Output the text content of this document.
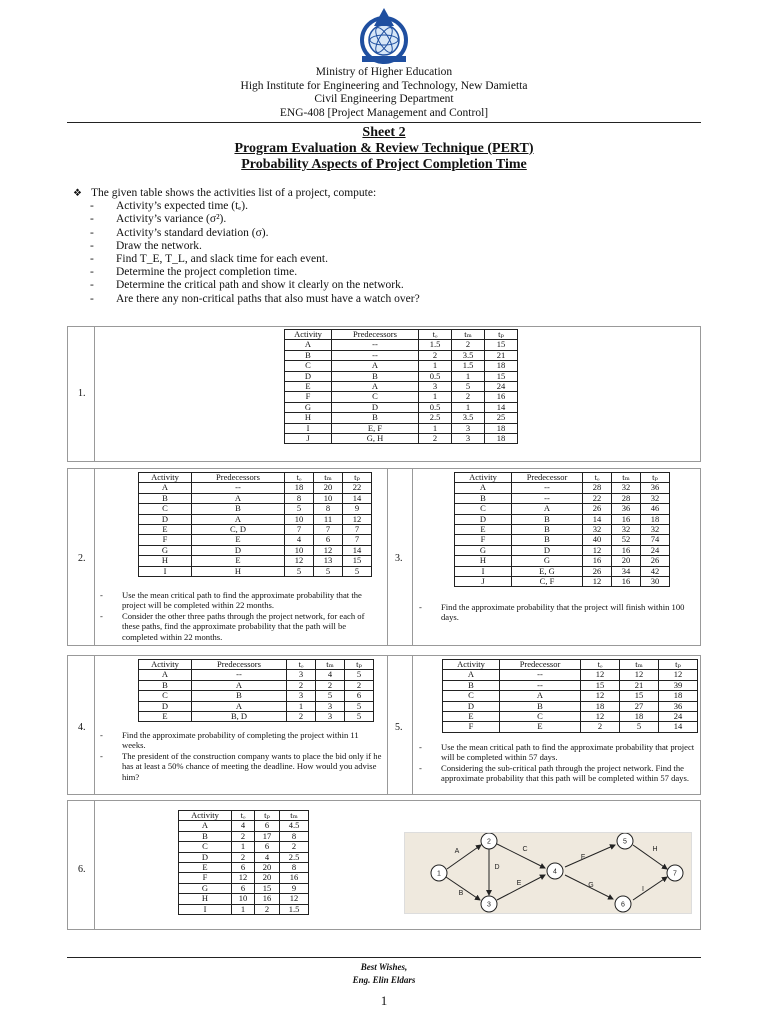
Ministry of Higher Education
High Institute for Engineering and Technology, New Damietta
Civil Engineering Department
ENG-408 [Project Management and Control]
Sheet 2
Program Evaluation & Review Technique (PERT)
Probability Aspects of Project Completion Time
❖ The given table shows the activities list of a project, compute:
- Activity’s expected time (tₑ).
- Activity’s variance (σ²).
- Activity’s standard deviation (σ).
- Draw the network.
- Find T_E, T_L, and slack time for each event.
- Determine the project completion time.
- Determine the critical path and show it clearly on the network.
- Are there any non-critical paths that also must have a watch over?
1.
2.	3.
4.	5.
6.
Activity	Predecessors	tₒ	tₘ	tₚ
A	--	1.5	2	15
B	--	2	3.5	21
C	A	1	1.5	18
D	B	0.5	1	15
E	A	3	5	24
F	C	1	2	16
G	D	0.5	1	14
H	B	2.5	3.5	25
I	E, F	1	3	18
J	G, H	2	3	18
Activity	Predecessors	tₒ	tₘ	tₚ
A	--	18	20	22
B	A	8	10	14
C	B	5	8	9
D	A	10	11	12
E	C, D	7	7	7
F	E	4	6	7
G	D	10	12	14
H	E	12	13	15
I	H	5	5	5
Activity	Predecessor	tₒ	tₘ	tₚ
A	--	28	32	36
B	--	22	28	32
C	A	26	36	46
D	B	14	16	18
E	B	32	32	32
F	B	40	52	74
G	D	12	16	24
H	G	16	20	26
I	E, G	26	34	42
J	C, F	12	16	30
Activity	Predecessors	tₒ	tₘ	tₚ
A	--	3	4	5
B	A	2	2	2
C	B	3	5	6
D	A	1	3	5
E	B, D	2	3	5
Activity	Predecessor	tₒ	tₘ	tₚ
A	--	12	12	12
B	--	15	21	39
C	A	12	15	18
D	B	18	27	36
E	C	12	18	24
F	E	2	5	14
Activity	tₒ	tₚ	tₘ
A	4	6	4.5
B	2	17	8
C	1	6	2
D	2	4	2.5
E	6	20	8
F	12	20	16
G	6	15	9
H	10	16	12
I	1	2	1.5
- Use the mean critical path to find the approximate probability that the project will be completed within 22 months.
- Consider the other three paths through the project network, for each of these paths, find the approximate probability that the path will be completed within 22 months.
- Find the approximate probability that the project will finish within 100 days.
- Find the approximate probability of completing the project within 11 weeks.
- The president of the construction company wants to place the bid only if he has at least a 50% chance of meeting the deadline. How would you advise him?
- Use the mean critical path to find the approximate probability that project will be completed within 57 days.
- Considering the sub-critical path through the project network. Find the approximate probability that this path will be completed within 57 days.
A
B
C
D
E
F
G
H
I
1
2
3
4
5
6
7
Best Wishes,
Eng. Elin Eldars
1
